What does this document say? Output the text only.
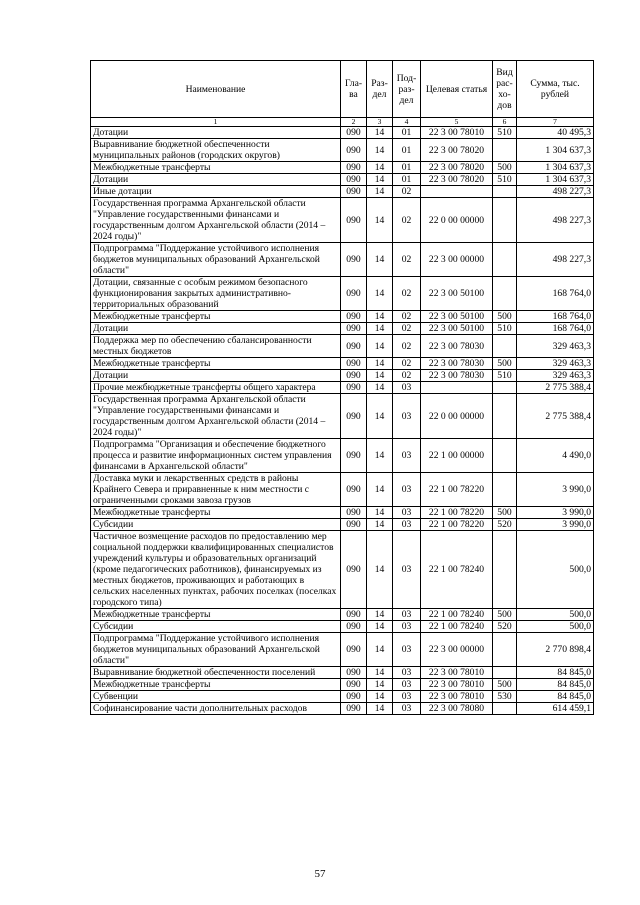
Наименование	Гла-ва	Раз-дел	Под-раз-дел	Целевая статья	Вид рас-хо-дов	Сумма, тыс. рублей
1	2	3	4	5	6	7
Дотации	090	14	01	22 3 00 78010	510	40 495,3
Выравнивание бюджетной обеспеченности муниципальных районов (городских округов)	090	14	01	22 3 00 78020		1 304 637,3
Межбюджетные трансферты	090	14	01	22 3 00 78020	500	1 304 637,3
Дотации	090	14	01	22 3 00 78020	510	1 304 637,3
Иные дотации	090	14	02			498 227,3
Государственная программа Архангельской области "Управление государственными финансами и государственным долгом Архангельской области (2014 – 2024 годы)"	090	14	02	22 0 00 00000		498 227,3
Подпрограмма "Поддержание устойчивого исполнения бюджетов муниципальных образований Архангельской области"	090	14	02	22 3 00 00000		498 227,3
Дотации, связанные с особым режимом безопасного функционирования закрытых административно-территориальных образований	090	14	02	22 3 00 50100		168 764,0
Межбюджетные трансферты	090	14	02	22 3 00 50100	500	168 764,0
Дотации	090	14	02	22 3 00 50100	510	168 764,0
Поддержка мер по обеспечению сбалансированности местных бюджетов	090	14	02	22 3 00 78030		329 463,3
Межбюджетные трансферты	090	14	02	22 3 00 78030	500	329 463,3
Дотации	090	14	02	22 3 00 78030	510	329 463,3
Прочие межбюджетные трансферты общего характера	090	14	03			2 775 388,4
Государственная программа Архангельской области "Управление государственными финансами и государственным долгом Архангельской области (2014 – 2024 годы)"	090	14	03	22 0 00 00000		2 775 388,4
Подпрограмма "Организация и обеспечение бюджетного процесса и развитие информационных систем управления финансами в Архангельской области"	090	14	03	22 1 00 00000		4 490,0
Доставка муки и лекарственных средств в районы Крайнего Севера и приравненные к ним местности с ограниченными сроками завоза грузов	090	14	03	22 1 00 78220		3 990,0
Межбюджетные трансферты	090	14	03	22 1 00 78220	500	3 990,0
Субсидии	090	14	03	22 1 00 78220	520	3 990,0
Частичное возмещение расходов по предоставлению мер социальной поддержки квалифицированных специалистов учреждений культуры и образовательных организаций (кроме педагогических работников), финансируемых из местных бюджетов, проживающих и работающих в сельских населенных пунктах, рабочих поселках (поселках городского типа)	090	14	03	22 1 00 78240		500,0
Межбюджетные трансферты	090	14	03	22 1 00 78240	500	500,0
Субсидии	090	14	03	22 1 00 78240	520	500,0
Подпрограмма "Поддержание устойчивого исполнения бюджетов муниципальных образований Архангельской области"	090	14	03	22 3 00 00000		2 770 898,4
Выравнивание бюджетной обеспеченности поселений	090	14	03	22 3 00 78010		84 845,0
Межбюджетные трансферты	090	14	03	22 3 00 78010	500	84 845,0
Субвенции	090	14	03	22 3 00 78010	530	84 845,0
Софинансирование части дополнительных расходов	090	14	03	22 3 00 78080		614 459,1
57
